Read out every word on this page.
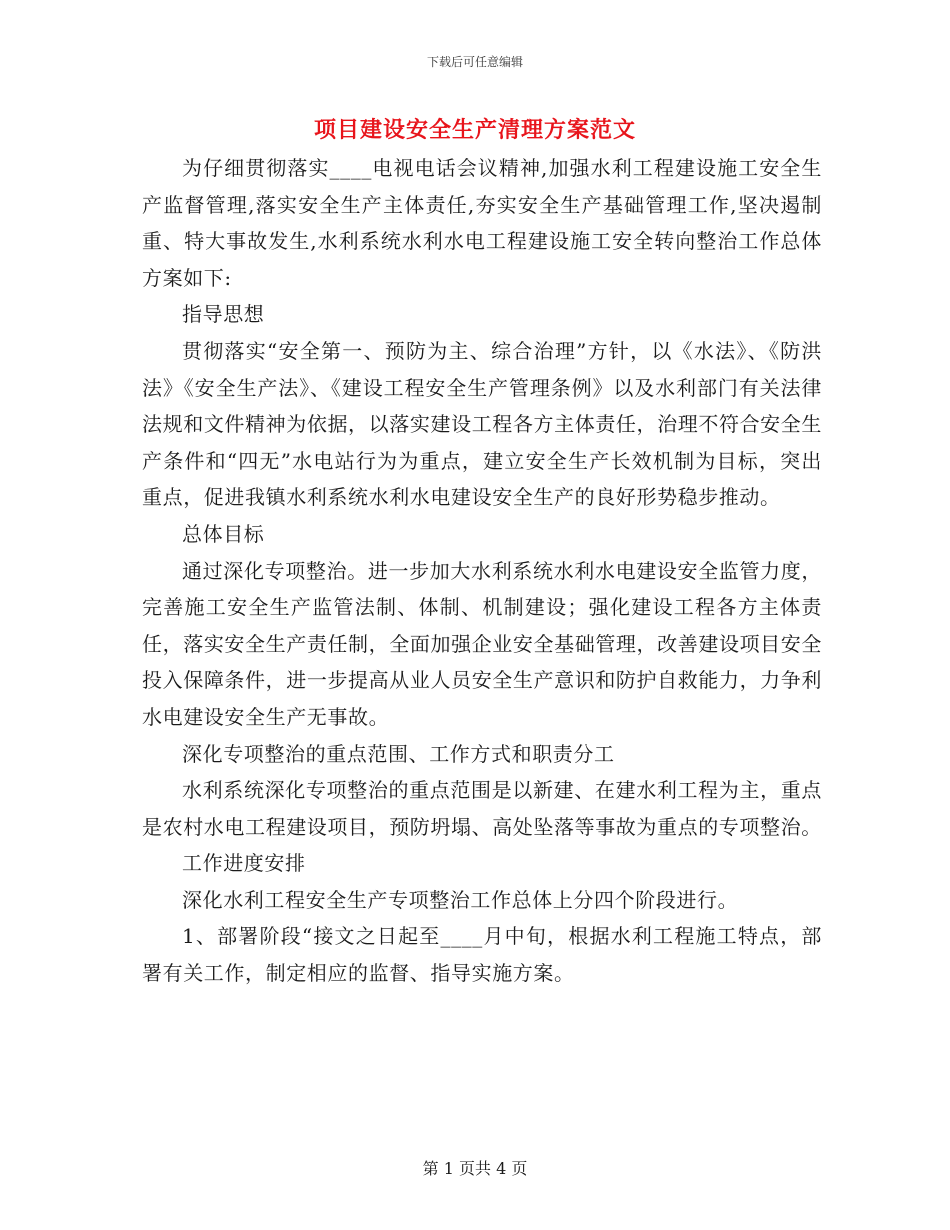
下载后可任意编辑
项目建设安全生产清理方案范文

为仔细贯彻落实____电视电话会议精神,加强水利工程建设施工安全生产监督管理,落实安全生产主体责任,夯实安全生产基础管理工作,坚决遏制重、特大事故发生,水利系统水利水电工程建设施工安全转向整治工作总体方案如下:

指导思想

贯彻落实“安全第一、预防为主、综合治理”方针，以《水法》、《防洪法》《安全生产法》、《建设工程安全生产管理条例》以及水利部门有关法律法规和文件精神为依据，以落实建设工程各方主体责任，治理不符合安全生产条件和“四无”水电站行为为重点，建立安全生产长效机制为目标，突出重点，促进我镇水利系统水利水电建设安全生产的良好形势稳步推动。

总体目标

通过深化专项整治。进一步加大水利系统水利水电建设安全监管力度，完善施工安全生产监管法制、体制、机制建设；强化建设工程各方主体责任，落实安全生产责任制，全面加强企业安全基础管理，改善建设项目安全投入保障条件，进一步提高从业人员安全生产意识和防护自救能力，力争利水电建设安全生产无事故。

深化专项整治的重点范围、工作方式和职责分工

水利系统深化专项整治的重点范围是以新建、在建水利工程为主，重点是农村水电工程建设项目，预防坍塌、高处坠落等事故为重点的专项整治。

工作进度安排

深化水利工程安全生产专项整治工作总体上分四个阶段进行。

1、部署阶段“接文之日起至____月中旬，根据水利工程施工特点，部署有关工作，制定相应的监督、指导实施方案。

第 1 页共 4 页
